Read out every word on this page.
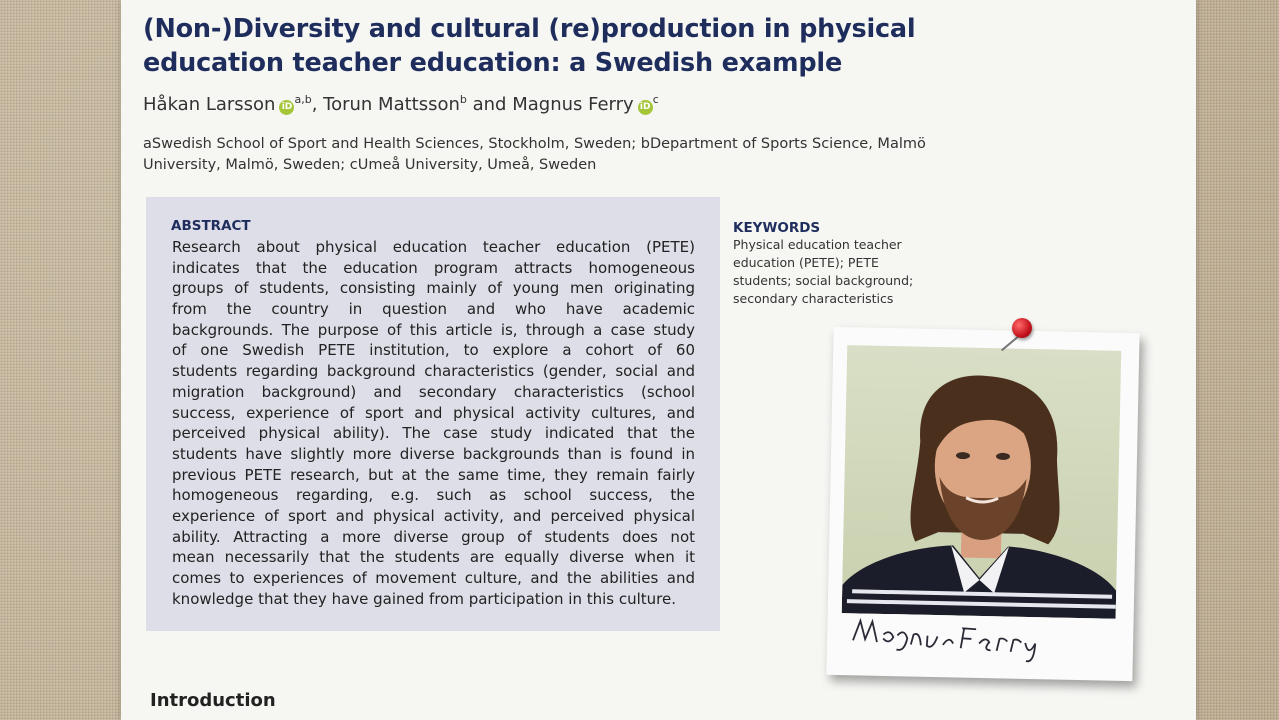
(Non-)Diversity and cultural (re)production in physical
education teacher education: a Swedish example
Håkan Larsson iD$^{a,b}$, Torun Mattsson$^b$ and Magnus Ferry $iD^c$
aSwedish School of Sport and Health Sciences, Stockholm, Sweden; bDepartment of Sports Science, Malmö
University, Malmö, Sweden; cUmeå University, Umeå, Sweden
ABSTRACT
Research about physical education teacher education (PETE)
indicates that the education program attracts homogeneous
groups of students, consisting mainly of young men originating
from the country in question and who have academic
backgrounds. The purpose of this article is, through a case study
of one Swedish PETE institution, to explore a cohort of 60
students regarding background characteristics (gender, social and
migration background) and secondary characteristics (school
success, experience of sport and physical activity cultures, and
perceived physical ability). The case study indicated that the
students have slightly more diverse backgrounds than is found in
previous PETE research, but at the same time, they remain fairly
homogeneous regarding, e.g. such as school success, the
experience of sport and physical activity, and perceived physical
ability. Attracting a more diverse group of students does not
mean necessarily that the students are equally diverse when it
comes to experiences of movement culture, and the abilities and
knowledge that they have gained from participation in this culture.
KEYWORDS
Physical education teacher
education (PETE); PETE
students; social background;
secondary characteristics
Introduction
